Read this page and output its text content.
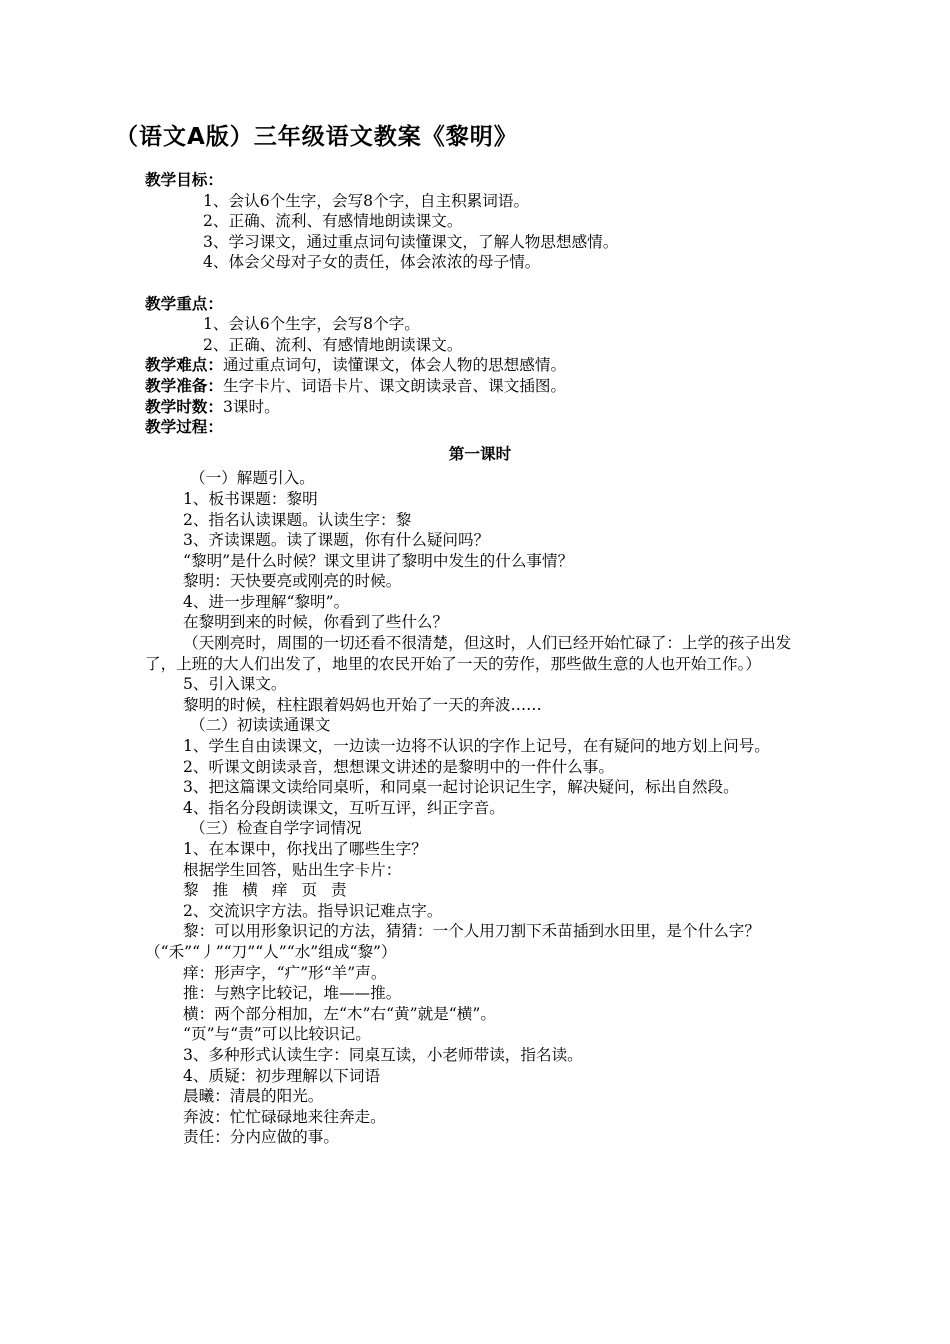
（语文A版）三年级语文教案《黎明》

教学目标：

1、会认6个生字，会写8个字，自主积累词语。

2、正确、流利、有感情地朗读课文。

3、学习课文，通过重点词句读懂课文，了解人物思想感情。

4、体会父母对子女的责任，体会浓浓的母子情。

教学重点：

1、会认6个生字，会写8个字。

2、正确、流利、有感情地朗读课文。

教学难点：通过重点词句，读懂课文，体会人物的思想感情。

教学准备：生字卡片、词语卡片、课文朗读录音、课文插图。

教学时数：3课时。

教学过程：

第一课时

（一）解题引入。

1、板书课题：黎明

2、指名认读课题。认读生字：黎

3、齐读课题。读了课题，你有什么疑问吗？

“黎明”是什么时候？课文里讲了黎明中发生的什么事情？

黎明：天快要亮或刚亮的时候。

4、进一步理解“黎明”。

在黎明到来的时候，你看到了些什么？

（天刚亮时，周围的一切还看不很清楚，但这时，人们已经开始忙碌了：上学的孩子出发了，上班的大人们出发了，地里的农民开始了一天的劳作，那些做生意的人也开始工作。）

5、引入课文。

黎明的时候，柱柱跟着妈妈也开始了一天的奔波……

（二）初读读通课文

1、学生自由读课文，一边读一边将不认识的字作上记号，在有疑问的地方划上问号。

2、听课文朗读录音，想想课文讲述的是黎明中的一件什么事。

3、把这篇课文读给同桌听，和同桌一起讨论识记生字，解决疑问，标出自然段。

4、指名分段朗读课文，互听互评，纠正字音。

（三）检查自学字词情况

1、在本课中，你找出了哪些生字？

根据学生回答，贴出生字卡片：

黎 推 横 痒 页 责

2、交流识字方法。指导识记难点字。

黎：可以用形象识记的方法，猜猜：一个人用刀割下禾苗插到水田里，是个什么字？（“禾”“丿”“刀”“人”“水”组成“黎”）

痒：形声字，“疒”形“羊”声。

推：与熟字比较记，堆——推。

横：两个部分相加，左“木”右“黄”就是“横”。

“页”与“责”可以比较识记。

3、多种形式认读生字：同桌互读，小老师带读，指名读。

4、质疑：初步理解以下词语

晨曦：清晨的阳光。

奔波：忙忙碌碌地来往奔走。

责任：分内应做的事。
